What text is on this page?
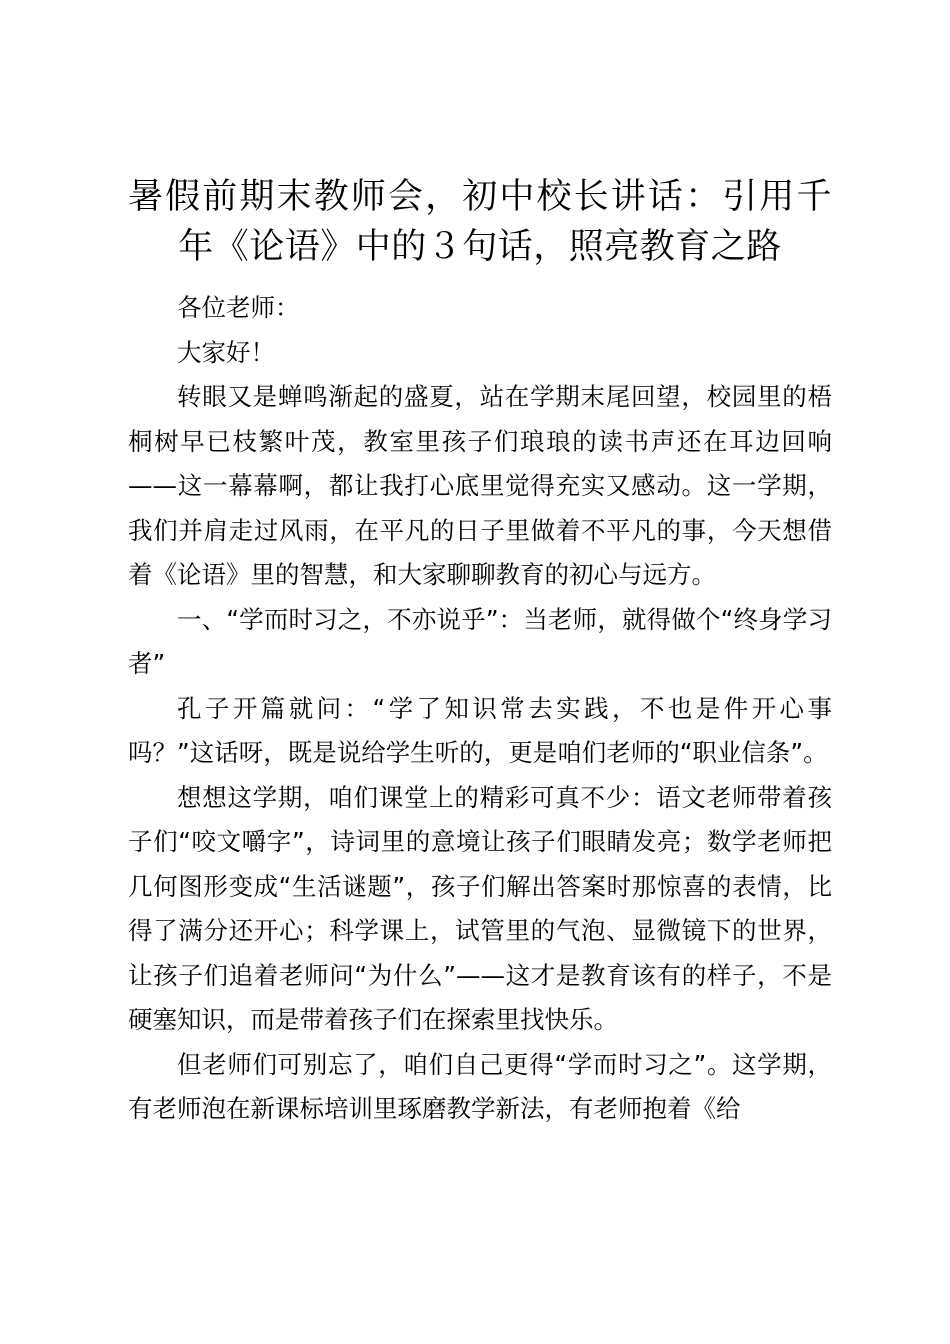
暑假前期末教师会，初中校长讲话：引用千年《论语》中的３句话，照亮教育之路

各位老师：

大家好！

转眼又是蝉鸣渐起的盛夏，站在学期末尾回望，校园里的梧桐树早已枝繁叶茂，教室里孩子们琅琅的读书声还在耳边回响——这一幕幕啊，都让我打心底里觉得充实又感动。这一学期，我们并肩走过风雨，在平凡的日子里做着不平凡的事，今天想借着《论语》里的智慧，和大家聊聊教育的初心与远方。

一、“学而时习之，不亦说乎”：当老师，就得做个“终身学习者”

孔子开篇就问：“学了知识常去实践，不也是件开心事吗？”这话呀，既是说给学生听的，更是咱们老师的“职业信条”。

想想这学期，咱们课堂上的精彩可真不少：语文老师带着孩子们“咬文嚼字”，诗词里的意境让孩子们眼睛发亮；数学老师把几何图形变成“生活谜题”，孩子们解出答案时那惊喜的表情，比得了满分还开心；科学课上，试管里的气泡、显微镜下的世界，让孩子们追着老师问“为什么”——这才是教育该有的样子，不是硬塞知识，而是带着孩子们在探索里找快乐。

但老师们可别忘了，咱们自己更得“学而时习之”。这学期，有老师泡在新课标培训里琢磨教学新法，有老师抱着《给
